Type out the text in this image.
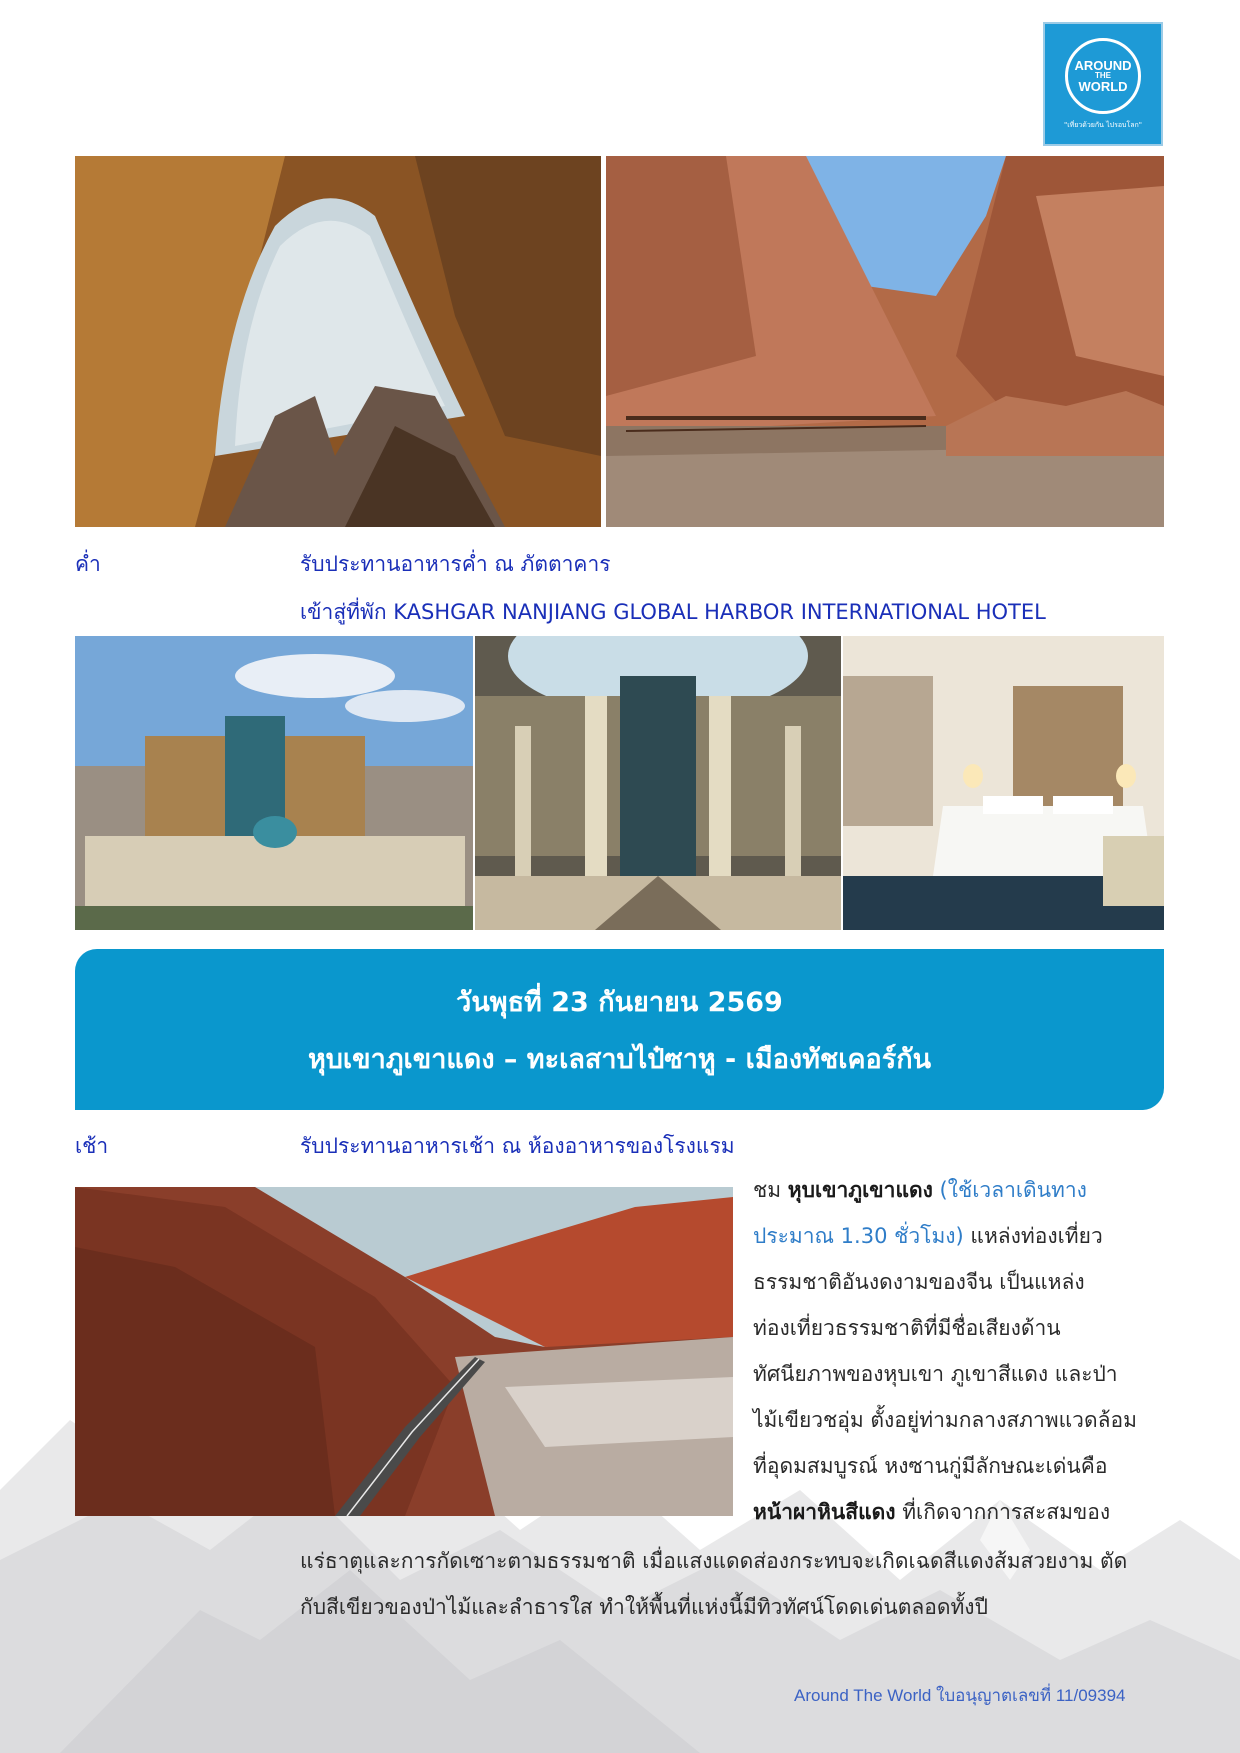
AROUND
THE
WORLD
"เที่ยวด้วยกัน ไปรอบโลก"
ค่ำ	รับประทานอาหารค่ำ ณ ภัตตาคาร
เข้าสู่ที่พัก KASHGAR NANJIANG GLOBAL HARBOR INTERNATIONAL HOTEL
วันพุธที่ 23 กันยายน 2569
หุบเขาภูเขาแดง – ทะเลสาบไป๋ซาหู - เมืองทัชเคอร์กัน
เช้า	รับประทานอาหารเช้า ณ ห้องอาหารของโรงแรม
ชม หุบเขาภูเขาแดง (ใช้เวลาเดินทาง
ประมาณ 1.30 ชั่วโมง) แหล่งท่องเที่ยว
ธรรมชาติอันงดงามของจีน เป็นแหล่ง
ท่องเที่ยวธรรมชาติที่มีชื่อเสียงด้าน
ทัศนียภาพของหุบเขา ภูเขาสีแดง และป่า
ไม้เขียวชอุ่ม ตั้งอยู่ท่ามกลางสภาพแวดล้อม
ที่อุดมสมบูรณ์ หงซานกู่มีลักษณะเด่นคือ
หน้าผาหินสีแดง ที่เกิดจากการสะสมของ
แร่ธาตุและการกัดเซาะตามธรรมชาติ เมื่อแสงแดดส่องกระทบจะเกิดเฉดสีแดงส้มสวยงาม ตัด
กับสีเขียวของป่าไม้และลำธารใส ทำให้พื้นที่แห่งนี้มีทิวทัศน์โดดเด่นตลอดทั้งปี
Around The World ใบอนุญาตเลขที่ 11/09394
